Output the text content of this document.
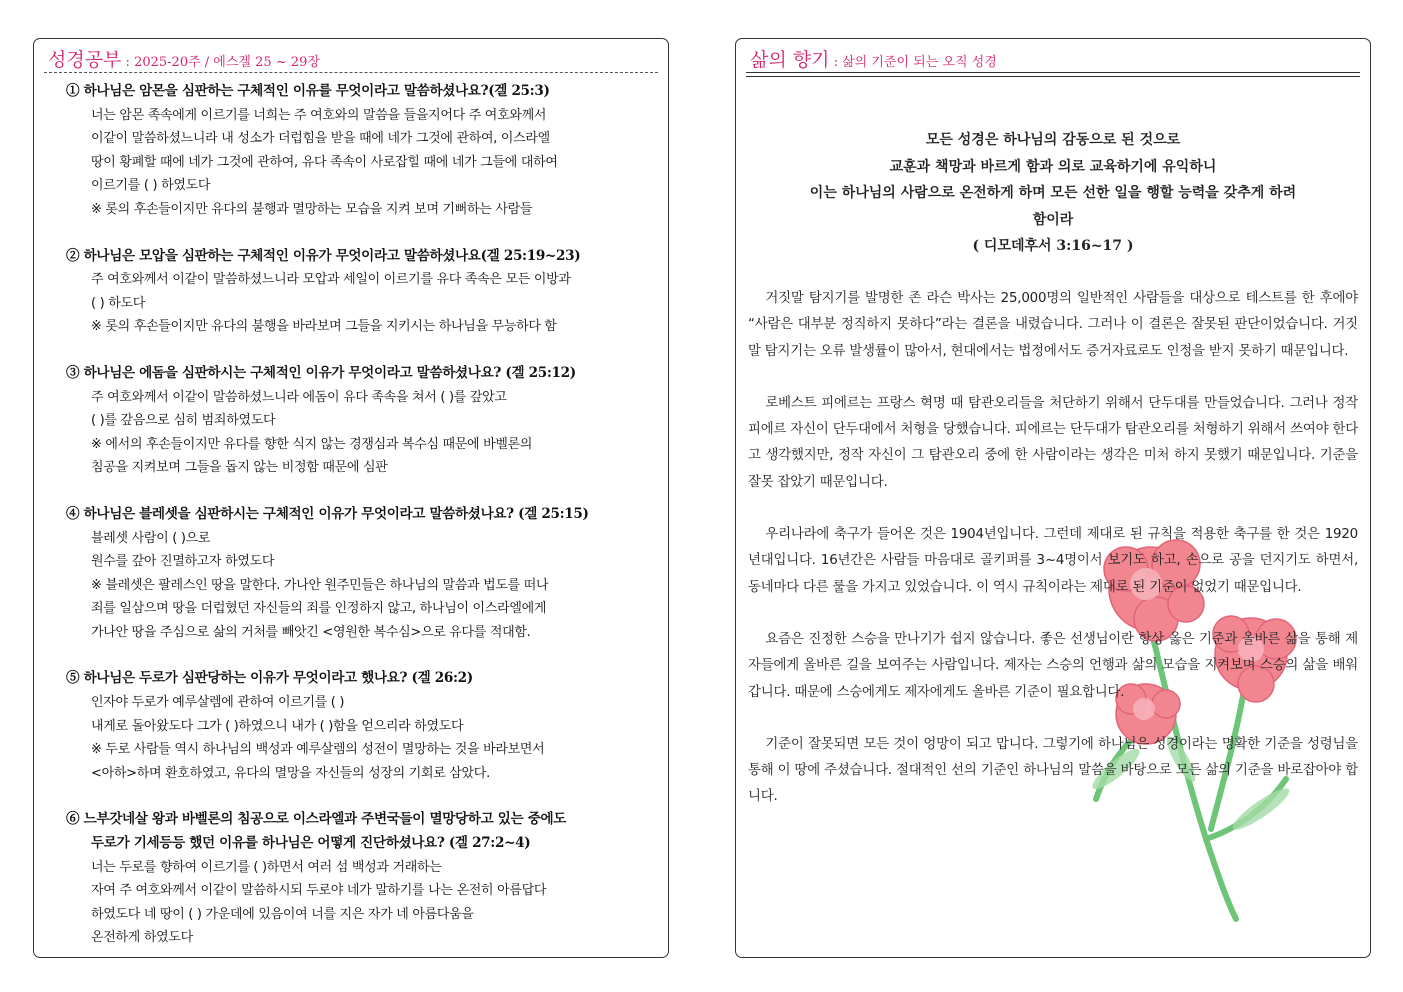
성경공부 : 2025-20주 / 에스겔 25 ~ 29장
① 하나님은 암몬을 심판하는 구체적인 이유를 무엇이라고 말씀하셨나요?(겔 25:3)
너는 암몬 족속에게 이르기를 너희는 주 여호와의 말씀을 들을지어다 주 여호와께서
이같이 말씀하셨느니라 내 성소가 더럽힘을 받을 때에 네가 그것에 관하여, 이스라엘
땅이 황폐할 때에 네가 그것에 관하여, 유다 족속이 사로잡힐 때에 네가 그들에 대하여
이르기를 ( ) 하였도다
※ 롯의 후손들이지만 유다의 불행과 멸망하는 모습을 지켜 보며 기뻐하는 사람들
② 하나님은 모압을 심판하는 구체적인 이유가 무엇이라고 말씀하셨나요(겔 25:19~23)
주 여호와께서 이같이 말씀하셨느니라 모압과 세일이 이르기를 유다 족속은 모든 이방과
( ) 하도다
※ 롯의 후손들이지만 유다의 불행을 바라보며 그들을 지키시는 하나님을 무능하다 함
③ 하나님은 에돔을 심판하시는 구체적인 이유가 무엇이라고 말씀하셨나요? (겔 25:12)
주 여호와께서 이같이 말씀하셨느니라 에돔이 유다 족속을 쳐서 ( )를 갚았고
( )를 갚음으로 심히 범죄하였도다
※ 에서의 후손들이지만 유다를 향한 식지 않는 경쟁심과 복수심 때문에 바벨론의
침공을 지켜보며 그들을 돕지 않는 비정함 때문에 심판
④ 하나님은 블레셋을 심판하시는 구체적인 이유가 무엇이라고 말씀하셨나요? (겔 25:15)
블레셋 사람이 ( )으로
원수를 갚아 진멸하고자 하였도다
※ 블레셋은 팔레스인 땅을 말한다. 가나안 원주민들은 하나님의 말씀과 법도를 떠나
죄를 일삼으며 땅을 더럽혔던 자신들의 죄를 인정하지 않고, 하나님이 이스라엘에게
가나안 땅을 주심으로 삶의 거처를 빼앗긴 <영원한 복수심>으로 유다를 적대함.
⑤ 하나님은 두로가 심판당하는 이유가 무엇이라고 했나요? (겔 26:2)
인자야 두로가 예루살렘에 관하여 이르기를 ( )
내게로 돌아왔도다 그가 ( )하였으니 내가 ( )함을 얻으리라 하였도다
※ 두로 사람들 역시 하나님의 백성과 예루살렘의 성전이 멸망하는 것을 바라보면서
<아하>하며 환호하였고, 유다의 멸망을 자신들의 성장의 기회로 삼았다.
⑥ 느부갓네살 왕과 바벨론의 침공으로 이스라엘과 주변국들이 멸망당하고 있는 중에도
두로가 기세등등 했던 이유를 하나님은 어떻게 진단하셨나요? (겔 27:2~4)
너는 두로를 향하여 이르기를 ( )하면서 여러 섬 백성과 거래하는
자여 주 여호와께서 이같이 말씀하시되 두로야 네가 말하기를 나는 온전히 아름답다
하였도다 네 땅이 ( ) 가운데에 있음이여 너를 지은 자가 네 아름다움을
온전하게 하였도다
삶의 향기 : 삶의 기준이 되는 오직 성경
모든 성경은 하나님의 감동으로 된 것으로
교훈과 책망과 바르게 함과 의로 교육하기에 유익하니
이는 하나님의 사람으로 온전하게 하며 모든 선한 일을 행할 능력을 갖추게 하려
함이라
( 디모데후서 3:16~17 )

거짓말 탐지기를 발명한 존 라슨 박사는 25,000명의 일반적인 사람들을 대상으로 테스트를 한 후에야 “사람은 대부분 정직하지 못하다”라는 결론을 내렸습니다. 그러나 이 결론은 잘못된 판단이었습니다. 거짓말 탐지기는 오류 발생률이 많아서, 현대에서는 법정에서도 증거자료로도 인정을 받지 못하기 때문입니다.

로베스트 피에르는 프랑스 혁명 때 탐관오리들을 처단하기 위해서 단두대를 만들었습니다. 그러나 정작 피에르 자신이 단두대에서 처형을 당했습니다. 피에르는 단두대가 탐관오리를 처형하기 위해서 쓰여야 한다고 생각했지만, 정작 자신이 그 탐관오리 중에 한 사람이라는 생각은 미처 하지 못했기 때문입니다. 기준을 잘못 잡았기 때문입니다.

우리나라에 축구가 들어온 것은 1904년입니다. 그런데 제대로 된 규칙을 적용한 축구를 한 것은 1920년대입니다. 16년간은 사람들 마음대로 골키퍼를 3~4명이서 보기도 하고, 손으로 공을 던지기도 하면서, 동네마다 다른 룰을 가지고 있었습니다. 이 역시 규칙이라는 제대로 된 기준이 없었기 때문입니다.

요즘은 진정한 스승을 만나기가 쉽지 않습니다. 좋은 선생님이란 항상 옳은 기준과 올바른 삶을 통해 제자들에게 올바른 길을 보여주는 사람입니다. 제자는 스승의 언행과 삶의 모습을 지켜보며 스승의 삶을 배워갑니다. 때문에 스승에게도 제자에게도 올바른 기준이 필요합니다.

기준이 잘못되면 모든 것이 엉망이 되고 맙니다. 그렇기에 하나님은 성경이라는 명확한 기준을 성령님을 통해 이 땅에 주셨습니다. 절대적인 선의 기준인 하나님의 말씀을 바탕으로 모든 삶의 기준을 바로잡아야 합니다.
